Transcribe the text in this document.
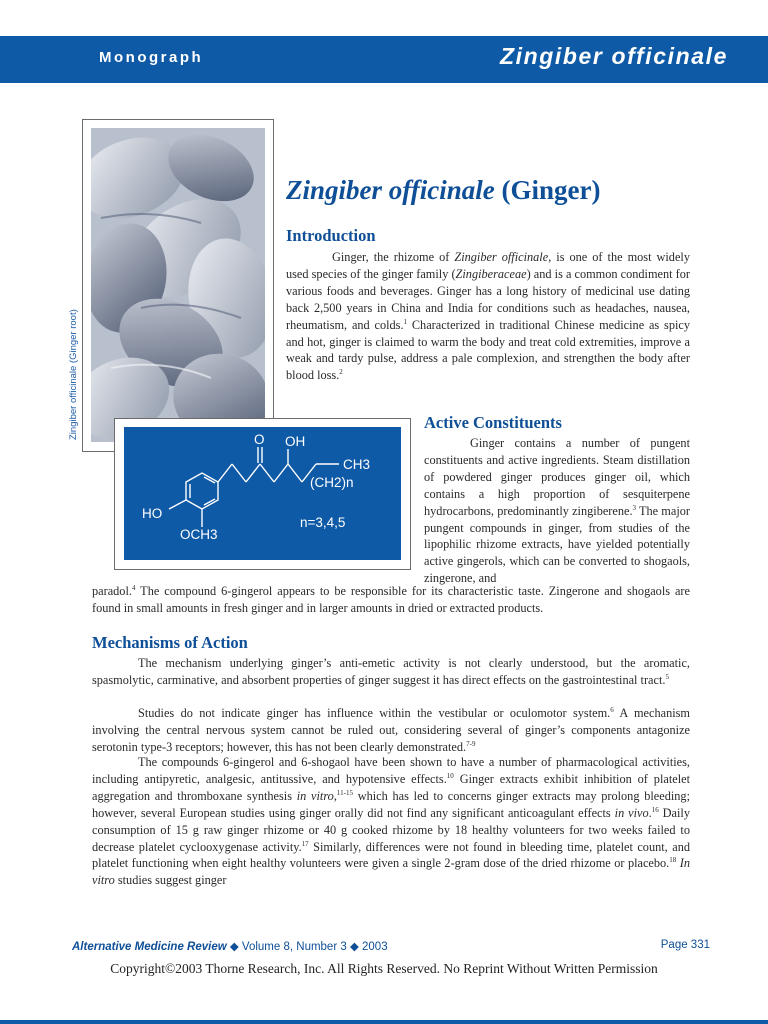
Monograph	Zingiber officinale
Zingiber officinale (Ginger root)
Zingiber officinale (Ginger)
Introduction
Ginger, the rhizome of Zingiber officinale, is one of the most widely used species of the ginger family (Zingiberaceae) and is a common condiment for various foods and beverages. Ginger has a long history of medicinal use dating back 2,500 years in China and India for conditions such as headaches, nausea, rheumatism, and colds.$^1$ Characterized in traditional Chinese medicine as spicy and hot, ginger is claimed to warm the body and treat cold extremities, improve a weak and tardy pulse, address a pale complexion, and strengthen the body after blood loss.$^2$
O OH
CH3
(CH2)n
HO
OCH3
n=3,4,5
Active Constituents
Ginger contains a number of pungent constituents and active ingredients. Steam distillation of powdered ginger produces ginger oil, which contains a high proportion of sesquiterpene hydrocarbons, predominantly zingiberene.$^3$ The major pungent compounds in ginger, from studies of the lipophilic rhizome extracts, have yielded potentially active gingerols, which can be converted to shogaols, zingerone, and
paradol.$^4$ The compound 6-gingerol appears to be responsible for its characteristic taste. Zingerone and shogaols are found in small amounts in fresh ginger and in larger amounts in dried or extracted products.
Mechanisms of Action
The mechanism underlying ginger’s anti-emetic activity is not clearly understood, but the aromatic, spasmolytic, carminative, and absorbent properties of ginger suggest it has direct effects on the gastrointestinal tract.$^5$
Studies do not indicate ginger has influence within the vestibular or oculomotor system.$^6$ A mechanism involving the central nervous system cannot be ruled out, considering several of ginger’s components antagonize serotonin type-3 receptors; however, this has not been clearly demonstrated.$^{7-9}$
The compounds 6-gingerol and 6-shogaol have been shown to have a number of pharmacological activities, including antipyretic, analgesic, antitussive, and hypotensive effects.$^{10}$ Ginger extracts exhibit inhibition of platelet aggregation and thromboxane synthesis in vitro,$^{11-15}$ which has led to concerns ginger extracts may prolong bleeding; however, several European studies using ginger orally did not find any significant anticoagulant effects in vivo.$^{16}$ Daily consumption of 15 g raw ginger rhizome or 40 g cooked rhizome by 18 healthy volunteers for two weeks failed to decrease platelet cyclooxygenase activity.$^{17}$ Similarly, differences were not found in bleeding time, platelet count, and platelet functioning when eight healthy volunteers were given a single 2-gram dose of the dried rhizome or placebo.$^{18}$ In vitro studies suggest ginger
Alternative Medicine Review ◆ Volume 8, Number 3 ◆ 2003	Page 331
Copyright©2003 Thorne Research, Inc. All Rights Reserved. No Reprint Without Written Permission
